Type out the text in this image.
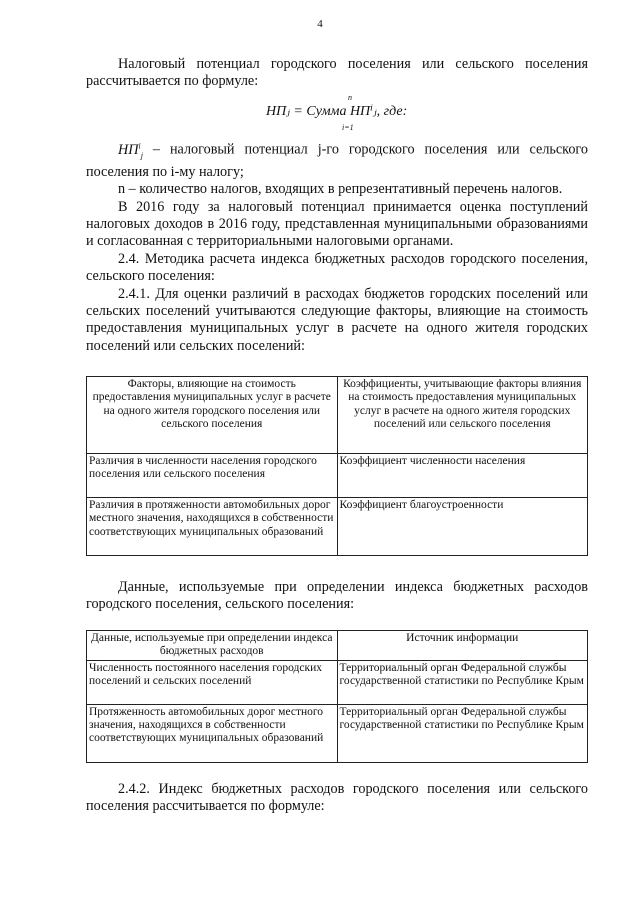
4

Налоговый потенциал городского поселения или сельского поселения рассчитывается по формуле:

n
НПⱼ = Сумма НПⁱⱼ, где:
i=1

$НП^i_j$ – налоговый потенциал j-го городского поселения или сельского поселения по i-му налогу;

n – количество налогов, входящих в репрезентативный перечень налогов.

В 2016 году за налоговый потенциал принимается оценка поступлений налоговых доходов в 2016 году, представленная муниципальными образованиями и согласованная с территориальными налоговыми органами.

2.4. Методика расчета индекса бюджетных расходов городского поселения, сельского поселения:

2.4.1. Для оценки различий в расходах бюджетов городских поселений или сельских поселений учитываются следующие факторы, влияющие на стоимость предоставления муниципальных услуг в расчете на одного жителя городских поселений или сельских поселений:

Факторы, влияющие на стоимость предоставления муниципальных услуг в расчете на одного жителя городского поселения или сельского поселения	Коэффициенты, учитывающие факторы влияния на стоимость предоставления муниципальных услуг в расчете на одного жителя городских поселений или сельского поселения
Различия в численности населения городского поселения или сельского поселения	Коэффициент численности населения
Различия в протяженности автомобильных дорог местного значения, находящихся в собственности соответствующих муниципальных образований	Коэффициент благоустроенности

Данные, используемые при определении индекса бюджетных расходов городского поселения, сельского поселения:

Данные, используемые при определении индекса бюджетных расходов	Источник информации
Численность постоянного населения городских поселений и сельских поселений	Территориальный орган Федеральной службы государственной статистики по Республике Крым
Протяженность автомобильных дорог местного значения, находящихся в собственности соответствующих муниципальных образований	Территориальный орган Федеральной службы государственной статистики по Республике Крым

2.4.2. Индекс бюджетных расходов городского поселения или сельского поселения рассчитывается по формуле:
